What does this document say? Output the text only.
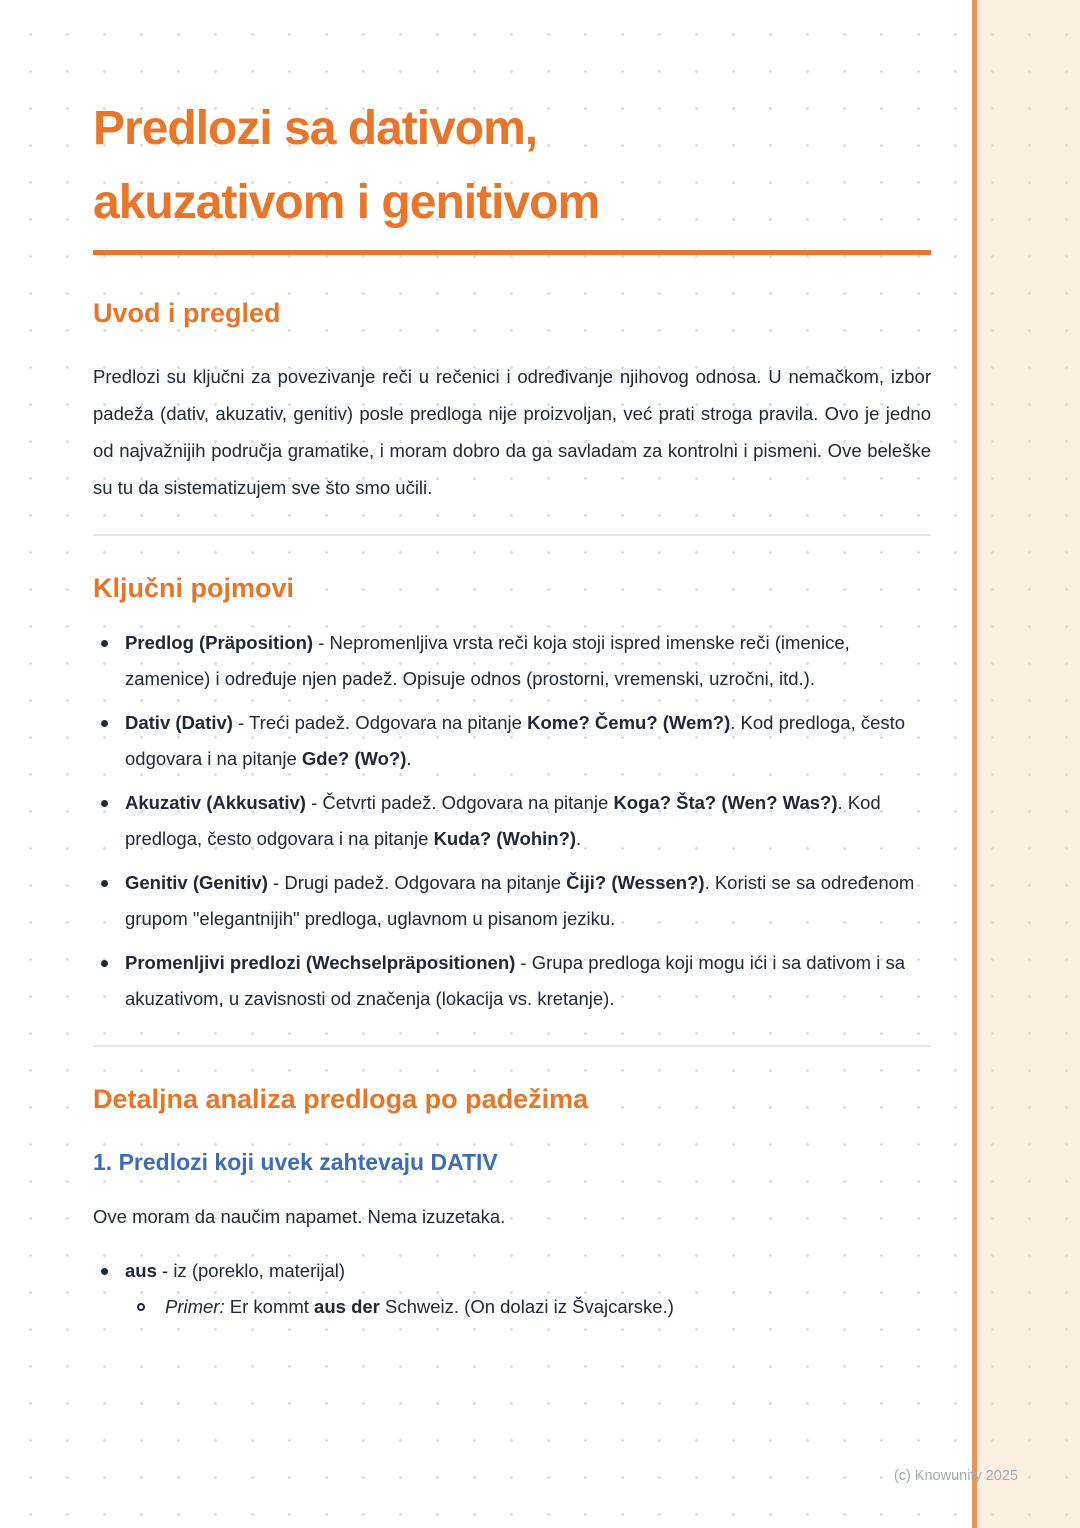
Predlozi sa dativom,
akuzativom i genitivom
Uvod i pregled

Predlozi su ključni za povezivanje reči u rečenici i određivanje njihovog odnosa. U nemačkom, izbor padeža (dativ, akuzativ, genitiv) posle predloga nije proizvoljan, već prati stroga pravila. Ovo je jedno od najvažnijih područja gramatike, i moram dobro da ga savladam za kontrolni i pismeni. Ove beleške su tu da sistematizujem sve što smo učili.

Ključni pojmovi
Predlog (Präposition) - Nepromenljiva vrsta reči koja stoji ispred imenske reči (imenice, zamenice) i određuje njen padež. Opisuje odnos (prostorni, vremenski, uzročni, itd.).
Dativ (Dativ) - Treći padež. Odgovara na pitanje Kome? Čemu? (Wem?). Kod predloga, često odgovara i na pitanje Gde? (Wo?).
Akuzativ (Akkusativ) - Četvrti padež. Odgovara na pitanje Koga? Šta? (Wen? Was?). Kod predloga, često odgovara i na pitanje Kuda? (Wohin?).
Genitiv (Genitiv) - Drugi padež. Odgovara na pitanje Čiji? (Wessen?). Koristi se sa određenom grupom "elegantnijih" predloga, uglavnom u pisanom jeziku.
Promenljivi predlozi (Wechselpräpositionen) - Grupa predloga koji mogu ići i sa dativom i sa akuzativom, u zavisnosti od značenja (lokacija vs. kretanje).
Detaljna analiza predloga po padežima
1. Predlozi koji uvek zahtevaju DATIV

Ove moram da naučim napamet. Nema izuzetaka.

aus - iz (poreklo, materijal)
Primer: Er kommt aus der Schweiz. (On dolazi iz Švajcarske.)
(c) Knowunity 2025
